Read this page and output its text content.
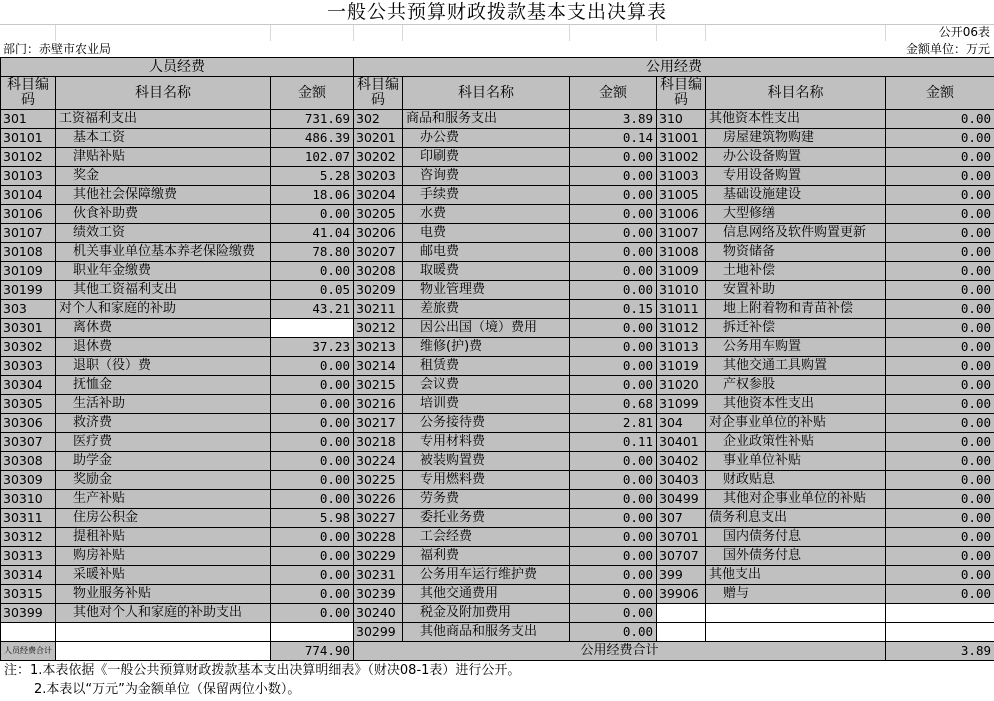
一般公共预算财政拨款基本支出决算表
公开06表
部门：赤壁市农业局	金额单位：万元
人员经费			公用经费					
科目编码	科目名称	金额	科目编码	科目名称	金额	科目编码	科目名称	金额
301	工资福利支出	731.69	302	商品和服务支出	3.89	310	其他资本性支出	0.00
30101	基本工资	486.39	30201	办公费	0.14	31001	房屋建筑物购建	0.00
30102	津贴补贴	102.07	30202	印刷费	0.00	31002	办公设备购置	0.00
30103	奖金	5.28	30203	咨询费	0.00	31003	专用设备购置	0.00
30104	其他社会保障缴费	18.06	30204	手续费	0.00	31005	基础设施建设	0.00
30106	伙食补助费	0.00	30205	水费	0.00	31006	大型修缮	0.00
30107	绩效工资	41.04	30206	电费	0.00	31007	信息网络及软件购置更新	0.00
30108	机关事业单位基本养老保险缴费	78.80	30207	邮电费	0.00	31008	物资储备	0.00
30109	职业年金缴费	0.00	30208	取暖费	0.00	31009	土地补偿	0.00
30199	其他工资福利支出	0.05	30209	物业管理费	0.00	31010	安置补助	0.00
303	对个人和家庭的补助	43.21	30211	差旅费	0.15	31011	地上附着物和青苗补偿	0.00
30301	离休费		30212	因公出国（境）费用	0.00	31012	拆迁补偿	0.00
30302	退休费	37.23	30213	维修(护)费	0.00	31013	公务用车购置	0.00
30303	退职（役）费	0.00	30214	租赁费	0.00	31019	其他交通工具购置	0.00
30304	抚恤金	0.00	30215	会议费	0.00	31020	产权参股	0.00
30305	生活补助	0.00	30216	培训费	0.68	31099	其他资本性支出	0.00
30306	救济费	0.00	30217	公务接待费	2.81	304	对企事业单位的补贴	0.00
30307	医疗费	0.00	30218	专用材料费	0.11	30401	企业政策性补贴	0.00
30308	助学金	0.00	30224	被装购置费	0.00	30402	事业单位补贴	0.00
30309	奖励金	0.00	30225	专用燃料费	0.00	30403	财政贴息	0.00
30310	生产补贴	0.00	30226	劳务费	0.00	30499	其他对企事业单位的补贴	0.00
30311	住房公积金	5.98	30227	委托业务费	0.00	307	债务利息支出	0.00
30312	提租补贴	0.00	30228	工会经费	0.00	30701	国内债务付息	0.00
30313	购房补贴	0.00	30229	福利费	0.00	30707	国外债务付息	0.00
30314	采暖补贴	0.00	30231	公务用车运行维护费	0.00	399	其他支出	0.00
30315	物业服务补贴	0.00	30239	其他交通费用	0.00	39906	赠与	0.00
30399	其他对个人和家庭的补助支出	0.00	30240	税金及附加费用	0.00			
			30299	其他商品和服务支出	0.00			
人员经费合计		774.90	公用经费合计					3.89
注：1.本表依据《一般公共预算财政拨款基本支出决算明细表》（财决08-1表）进行公开。
2.本表以“万元”为金额单位（保留两位小数）。
